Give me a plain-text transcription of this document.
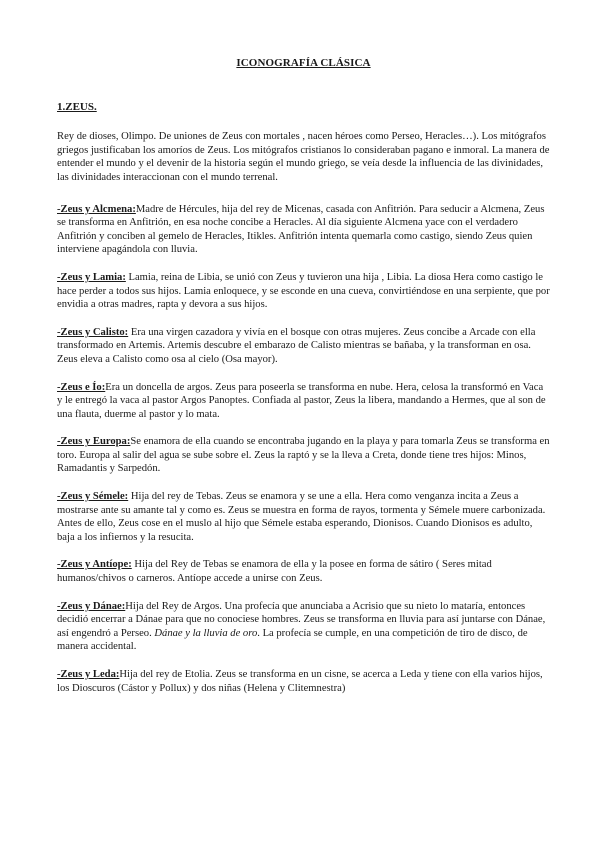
ICONOGRAFÍA CLÁSICA
1.ZEUS.

Rey de dioses, Olimpo. De uniones de Zeus con mortales , nacen héroes como Perseo, Heracles…). Los mitógrafos griegos justificaban los amoríos de Zeus. Los mitógrafos cristianos lo consideraban pagano e inmoral. La manera de entender el mundo y el devenir de la historia según el mundo griego, se veía desde la influencia de las divinidades, las divinidades interaccionan con el mundo terrenal.

-Zeus y Alcmena:Madre de Hércules, hija del rey de Micenas, casada con Anfitrión. Para seducir a Alcmena, Zeus se transforma en Anfitrión, en esa noche concibe a Heracles. Al día siguiente Alcmena yace con el verdadero Anfitrión y conciben al gemelo de Heracles, Itikles. Anfitrión intenta quemarla como castigo, siendo Zeus quien interviene apagándola con lluvia.

-Zeus y Lamia: Lamia, reina de Libia, se unió con Zeus y tuvieron una hija , Libia. La diosa Hera como castigo le hace perder a todos sus hijos. Lamia enloquece, y se esconde en una cueva, convirtiéndose en una serpiente, que por envidia a otras madres, rapta y devora a sus hijos.

-Zeus y Calisto: Era una virgen cazadora y vivía en el bosque con otras mujeres. Zeus concibe a Arcade con ella transformado en Artemis. Artemis descubre el embarazo de Calisto mientras se bañaba, y la transforman en osa. Zeus eleva a Calisto como osa al cielo (Osa mayor).

-Zeus e Ío:Era un doncella de argos. Zeus para poseerla se transforma en nube. Hera, celosa la transformó en Vaca y le entregó la vaca al pastor Argos Panoptes. Confiada al pastor, Zeus la libera, mandando a Hermes, que al son de una flauta, duerme al pastor y lo mata.

-Zeus y Europa:Se enamora de ella cuando se encontraba jugando en la playa y para tomarla Zeus se transforma en toro. Europa al salir del agua se sube sobre el. Zeus la raptó y se la lleva a Creta, donde tiene tres hijos: Minos, Ramadantis y Sarpedón.

-Zeus y Sémele: Hija del rey de Tebas. Zeus se enamora y se une a ella. Hera como venganza incita a Zeus a mostrarse ante su amante tal y como es. Zeus se muestra en forma de rayos, tormenta y Sémele muere carbonizada. Antes de ello, Zeus cose en el muslo al hijo que Sémele estaba esperando, Dionisos. Cuando Dionisos es adulto, baja a los infiernos y la resucita.

-Zeus y Antíope: Hija del Rey de Tebas se enamora de ella y la posee en forma de sátiro ( Seres mitad humanos/chivos o carneros. Antíope accede a unirse con Zeus.

-Zeus y Dánae:Hija del Rey de Argos. Una profecía que anunciaba a Acrisio que su nieto lo mataría, entonces decidió encerrar a Dánae para que no conociese hombres. Zeus se transforma en lluvia para así juntarse con Dánae, así engendró a Perseo. Dánae y la lluvia de oro. La profecía se cumple, en una competición de tiro de disco, de manera accidental.

-Zeus y Leda:Hija del rey de Etolia. Zeus se transforma en un cisne, se acerca a Leda y tiene con ella varios hijos, los Dioscuros (Cástor y Pollux) y dos niñas (Helena y Clitemnestra)
